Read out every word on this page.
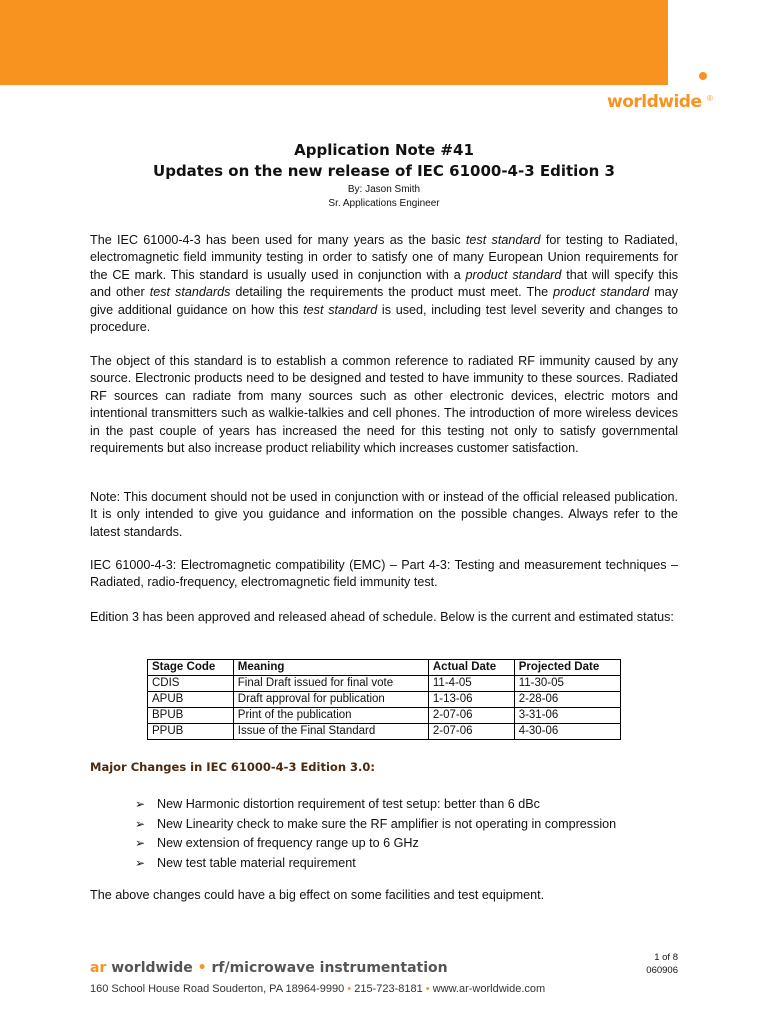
ar
worldwide ®
Application Note #41
Updates on the new release of IEC 61000-4-3 Edition 3
By: Jason Smith
Sr. Applications Engineer

The IEC 61000-4-3 has been used for many years as the basic test standard for testing to Radiated, electromagnetic field immunity testing in order to satisfy one of many European Union requirements for the CE mark. This standard is usually used in conjunction with a product standard that will specify this and other test standards detailing the requirements the product must meet. The product standard may give additional guidance on how this test standard is used, including test level severity and changes to procedure.

The object of this standard is to establish a common reference to radiated RF immunity caused by any source. Electronic products need to be designed and tested to have immunity to these sources. Radiated RF sources can radiate from many sources such as other electronic devices, electric motors and intentional transmitters such as walkie-talkies and cell phones. The introduction of more wireless devices in the past couple of years has increased the need for this testing not only to satisfy governmental requirements but also increase product reliability which increases customer satisfaction.

Note: This document should not be used in conjunction with or instead of the official released publication. It is only intended to give you guidance and information on the possible changes. Always refer to the latest standards.

IEC 61000-4-3: Electromagnetic compatibility (EMC) – Part 4-3: Testing and measurement techniques – Radiated, radio-frequency, electromagnetic field immunity test.

Edition 3 has been approved and released ahead of schedule. Below is the current and estimated status:

Stage Code	Meaning	Actual Date	Projected Date
CDIS	Final Draft issued for final vote	11-4-05	11-30-05
APUB	Draft approval for publication	1-13-06	2-28-06
BPUB	Print of the publication	2-07-06	3-31-06
PPUB	Issue of the Final Standard	2-07-06	4-30-06
Major Changes in IEC 61000-4-3 Edition 3.0:
➢ New Harmonic distortion requirement of test setup: better than 6 dBc
➢ New Linearity check to make sure the RF amplifier is not operating in compression
➢ New extension of frequency range up to 6 GHz
➢ New test table material requirement

The above changes could have a big effect on some facilities and test equipment.

1 of 8
060906
ar worldwide • rf/microwave instrumentation
160 School House Road Souderton, PA 18964-9990 • 215-723-8181 • www.ar-worldwide.com
